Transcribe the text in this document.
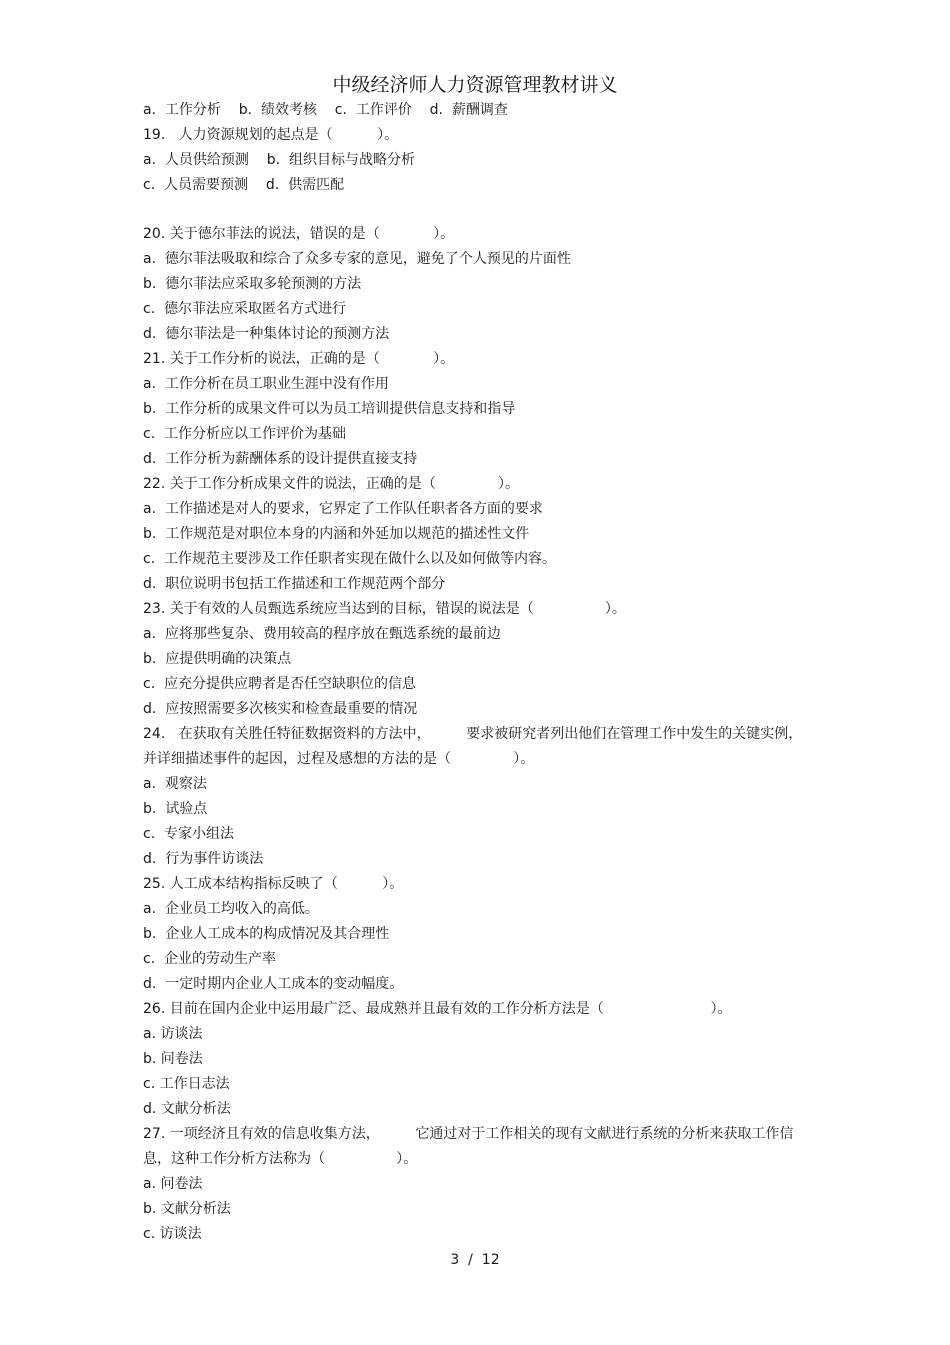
中级经济师人力资源管理教材讲义
a.  工作分析    b.  绩效考核    c.  工作评价    d.  薪酬调查
19.   人力资源规划的起点是（          ）。
a.  人员供给预测    b.  组织目标与战略分析
c.  人员需要预测    d.  供需匹配
20. 关于德尔菲法的说法，错误的是（            ）。
a.  德尔菲法吸取和综合了众多专家的意见，避免了个人预见的片面性
b.  德尔菲法应采取多轮预测的方法
c.  德尔菲法应采取匿名方式进行
d.  德尔菲法是一种集体讨论的预测方法
21. 关于工作分析的说法，正确的是（            ）。
a.  工作分析在员工职业生涯中没有作用
b.  工作分析的成果文件可以为员工培训提供信息支持和指导
c.  工作分析应以工作评价为基础
d.  工作分析为薪酬体系的设计提供直接支持
22. 关于工作分析成果文件的说法，正确的是（              ）。
a.  工作描述是对人的要求，它界定了工作队任职者各方面的要求
b.  工作规范是对职位本身的内涵和外延加以规范的描述性文件
c.  工作规范主要涉及工作任职者实现在做什么以及如何做等内容。
d.  职位说明书包括工作描述和工作规范两个部分
23. 关于有效的人员甄选系统应当达到的目标，错误的说法是（                ）。
a.  应将那些复杂、费用较高的程序放在甄选系统的最前边
b.  应提供明确的决策点
c.  应充分提供应聘者是否任空缺职位的信息
d.  应按照需要多次核实和检查最重要的情况
24.   在获取有关胜任特征数据资料的方法中，        要求被研究者列出他们在管理工作中发生的关键实例，
并详细描述事件的起因，过程及感想的方法的是（              ）。
a.  观察法
b.  试验点
c.  专家小组法
d.  行为事件访谈法
25. 人工成本结构指标反映了（          ）。
a.  企业员工均收入的高低。
b.  企业人工成本的构成情况及其合理性
c.  企业的劳动生产率
d.  一定时期内企业人工成本的变动幅度。
26. 目前在国内企业中运用最广泛、最成熟并且最有效的工作分析方法是（                        ）。
a. 访谈法
b. 问卷法
c. 工作日志法
d. 文献分析法
27. 一项经济且有效的信息收集方法，        它通过对于工作相关的现有文献进行系统的分析来获取工作信
息，这种工作分析方法称为（                ）。
a. 问卷法
b. 文献分析法
c. 访谈法
3  /  12
